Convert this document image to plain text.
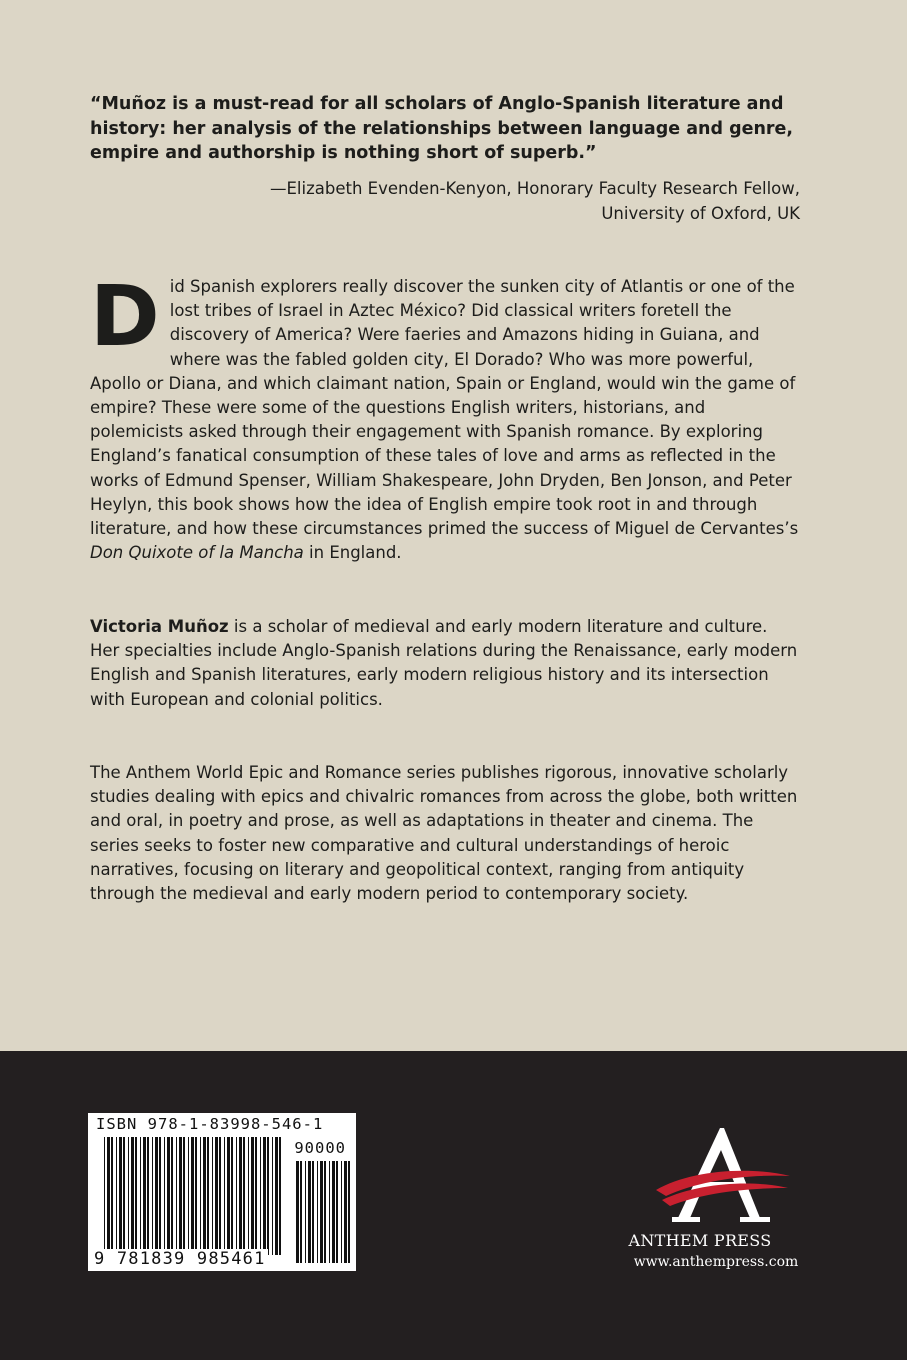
“Muñoz is a must-read for all scholars of Anglo-Spanish literature and history: her analysis of the relationships between language and genre, empire and authorship is nothing short of superb.”

—Elizabeth Evenden-Kenyon, Honorary Faculty Research Fellow,
University of Oxford, UK

Did Spanish explorers really discover the sunken city of Atlantis or one of the lost tribes of Israel in Aztec México? Did classical writers foretell the discovery of America? Were faeries and Amazons hiding in Guiana, and where was the fabled golden city, El Dorado? Who was more powerful, Apollo or Diana, and which claimant nation, Spain or England, would win the game of empire? These were some of the questions English writers, historians, and polemicists asked through their engagement with Spanish romance. By exploring England’s fanatical consumption of these tales of love and arms as reflected in the works of Edmund Spenser, William Shakespeare, John Dryden, Ben Jonson, and Peter Heylyn, this book shows how the idea of English empire took root in and through literature, and how these circumstances primed the success of Miguel de Cervantes’s Don Quixote of la Mancha in England.

Victoria Muñoz is a scholar of medieval and early modern literature and culture. Her specialties include Anglo-Spanish relations during the Renaissance, early modern English and Spanish literatures, early modern religious history and its intersection with European and colonial politics.

The Anthem World Epic and Romance series publishes rigorous, innovative scholarly studies dealing with epics and chivalric romances from across the globe, both written and oral, in poetry and prose, as well as adaptations in theater and cinema. The series seeks to foster new comparative and cultural understandings of heroic narratives, focusing on literary and geopolitical context, ranging from antiquity through the medieval and early modern period to contemporary society.

ISBN 978-1-83998-546-1
90000
9 781839 985461
ANTHEM PRESS
www.anthempress.com
